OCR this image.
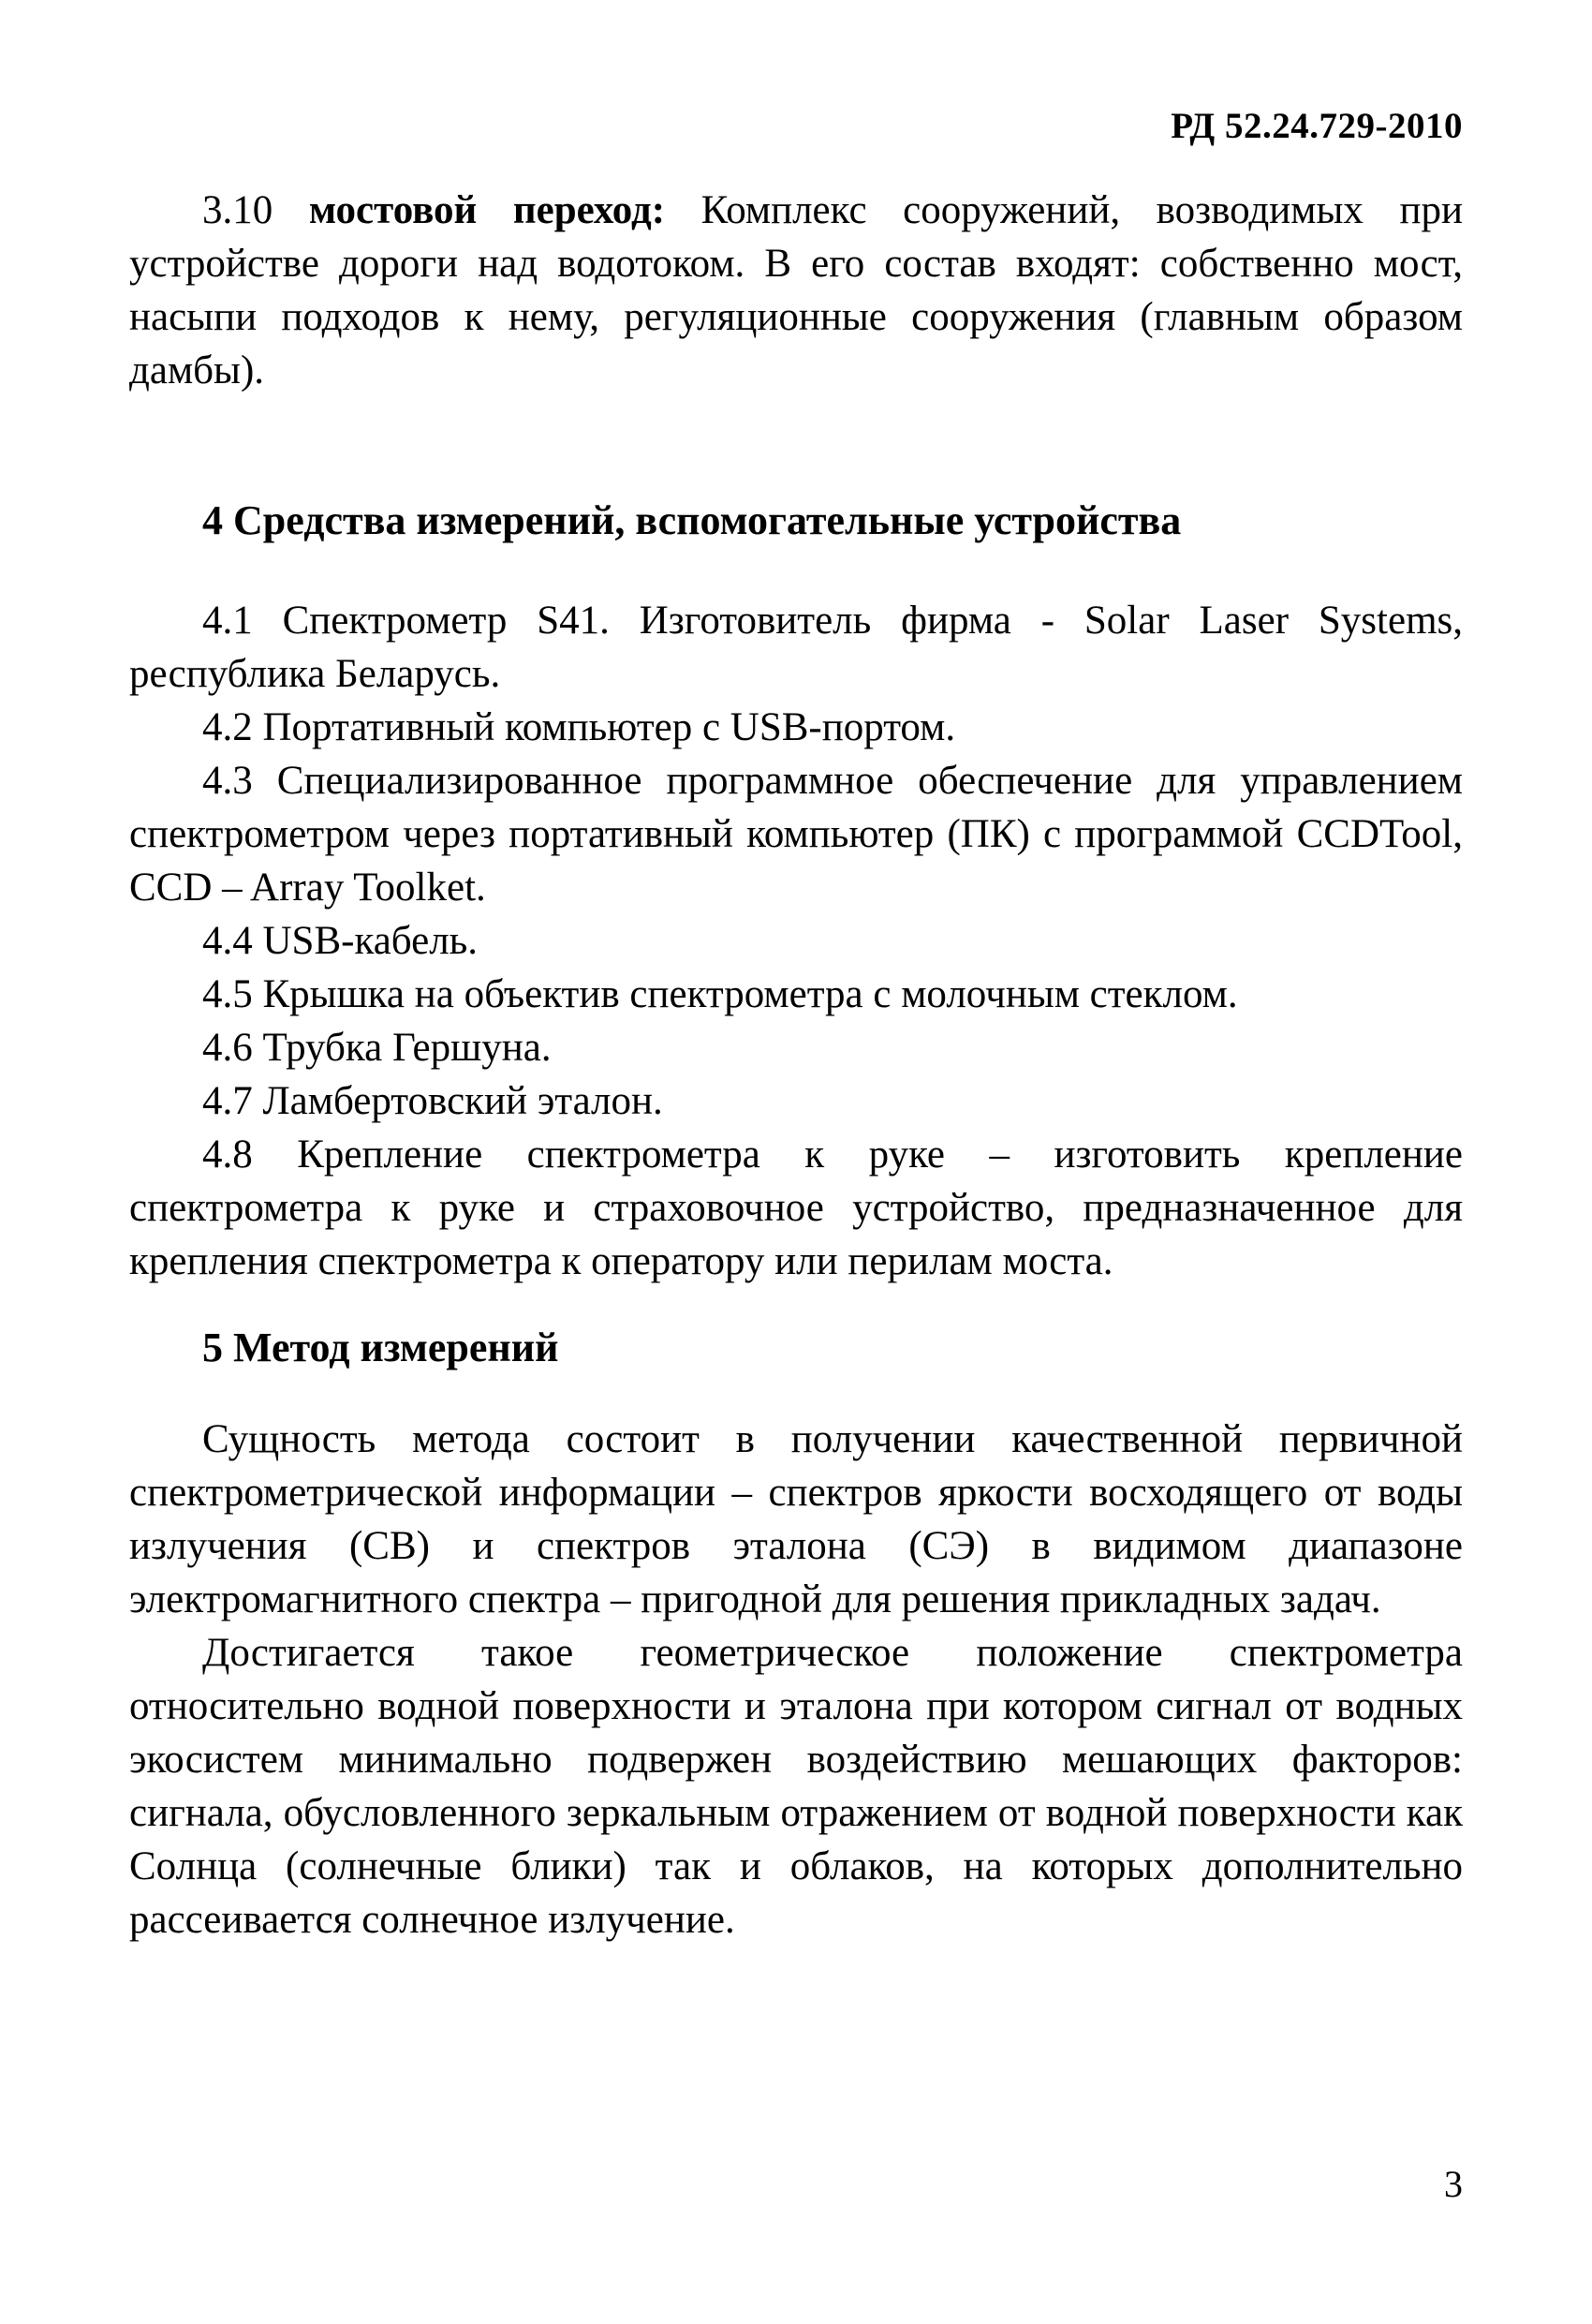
РД 52.24.729-2010

3.10 мостовой переход: Комплекс сооружений, возводимых при устройстве дороги над водотоком. В его состав входят: собственно мост, насыпи подходов к нему, регуляционные сооружения (главным образом дамбы).

4 Средства измерений, вспомогательные устройства

4.1 Спектрометр S41. Изготовитель фирма - Solar Laser Systems, республика Беларусь.

4.2 Портативный компьютер с USB-портом.

4.3 Специализированное программное обеспечение для управлением спектрометром через портативный компьютер (ПК) с программой CCDTool, CCD – Array Toolket.

4.4 USB-кабель.

4.5 Крышка на объектив спектрометра с молочным стеклом.

4.6 Трубка Гершуна.

4.7 Ламбертовский эталон.

4.8 Крепление спектрометра к руке – изготовить крепление спектрометра к руке и страховочное устройство, предназначенное для крепления спектрометра к оператору или перилам моста.

5 Метод измерений

Сущность метода состоит в получении качественной первичной спектрометрической информации – спектров яркости восходящего от воды излучения (СВ) и спектров эталона (СЭ) в видимом диапазоне электромагнитного спектра – пригодной для решения прикладных задач.

Достигается такое геометрическое положение спектрометра относительно водной поверхности и эталона при котором сигнал от водных экосистем минимально подвержен воздействию мешающих факторов: сигнала, обусловленного зеркальным отражением от водной поверхности как Солнца (солнечные блики) так и облаков, на которых дополнительно рассеивается солнечное излучение.

3
